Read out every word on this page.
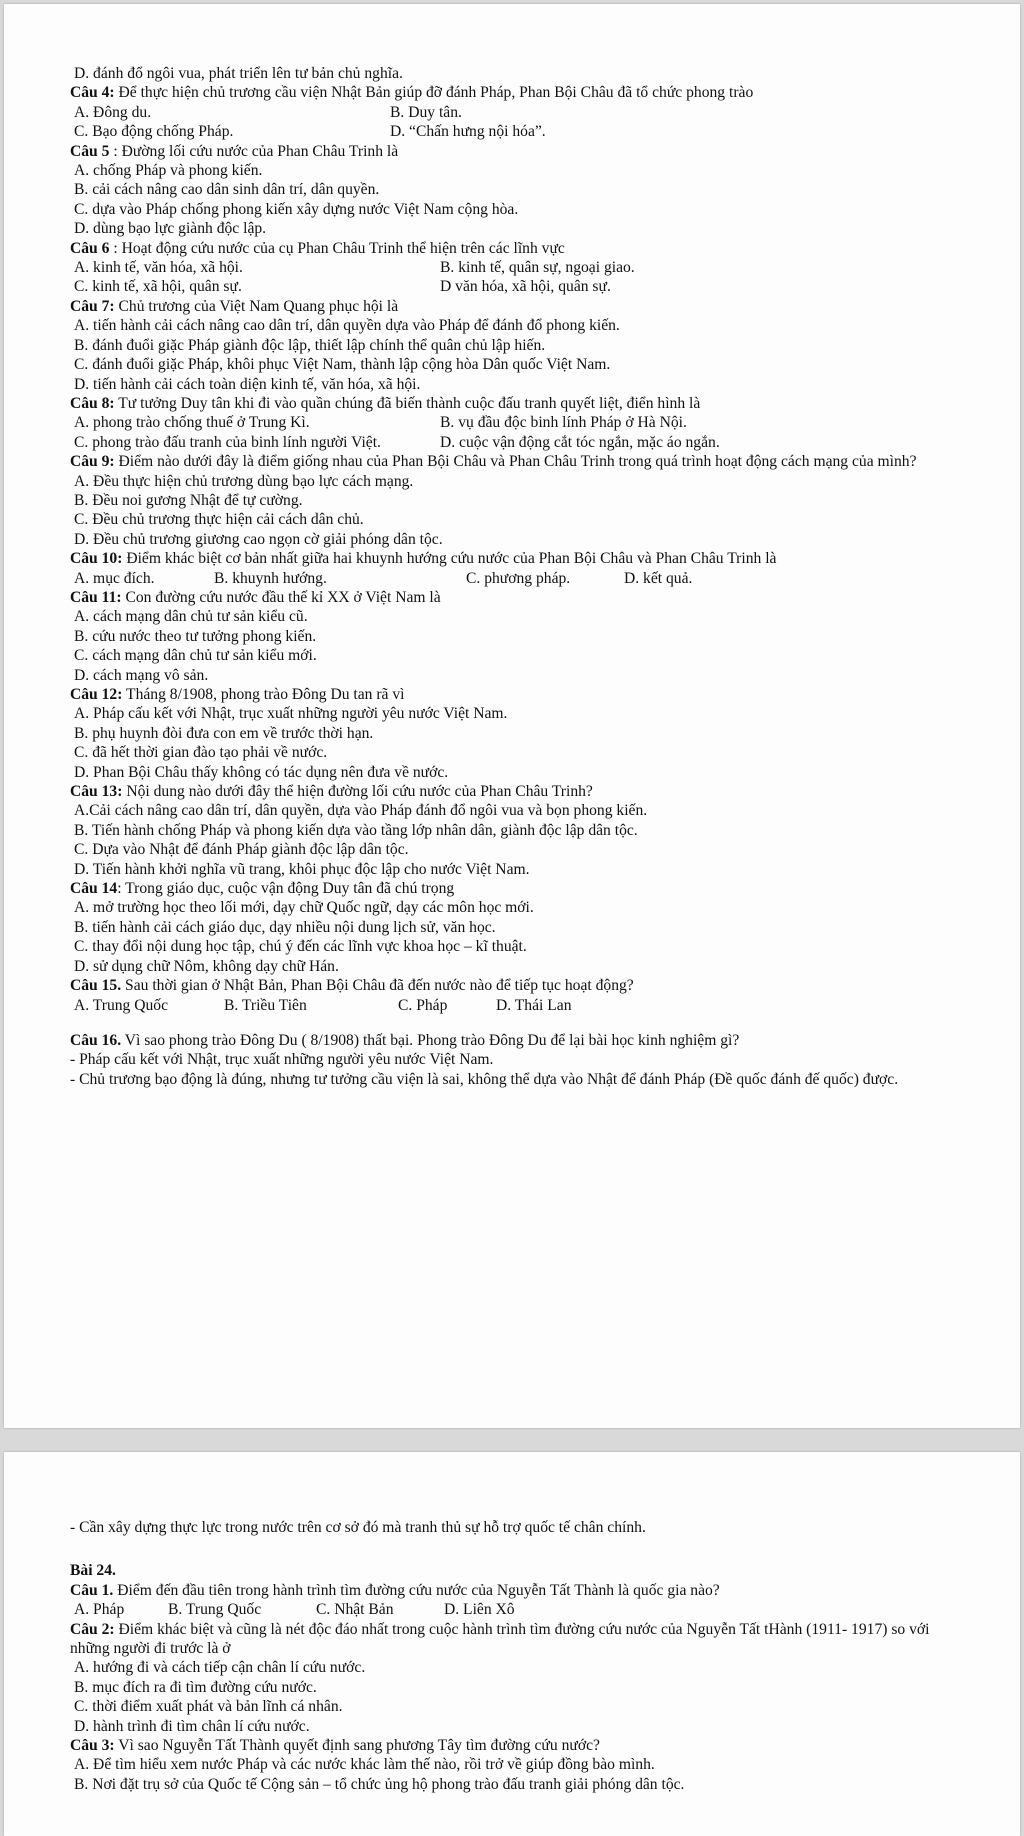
D. đánh đổ ngôi vua, phát triển lên tư bản chủ nghĩa.
Câu 4: Để thực hiện chủ trương cầu viện Nhật Bản giúp đỡ đánh Pháp, Phan Bội Châu đã tổ chức phong trào
A. Đông du.	B. Duy tân.
C. Bạo động chống Pháp.	D. “Chấn hưng nội hóa”.
Câu 5 : Đường lối cứu nước của Phan Châu Trinh là
A. chống Pháp và phong kiến.
B. cải cách nâng cao dân sinh dân trí, dân quyền.
C. dựa vào Pháp chống phong kiến xây dựng nước Việt Nam cộng hòa.
D. dùng bạo lực giành độc lập.
Câu 6 : Hoạt động cứu nước của cụ Phan Châu Trinh thể hiện trên các lĩnh vực
A. kinh tế, văn hóa, xã hội.	B. kinh tế, quân sự, ngoại giao.
C. kinh tế, xã hội, quân sự.	D văn hóa, xã hội, quân sự.
Câu 7: Chủ trương của Việt Nam Quang phục hội là
A. tiến hành cải cách nâng cao dân trí, dân quyền dựa vào Pháp để đánh đổ phong kiến.
B. đánh đuổi giặc Pháp giành độc lập, thiết lập chính thể quân chủ lập hiến.
C. đánh đuổi giặc Pháp, khôi phục Việt Nam, thành lập cộng hòa Dân quốc Việt Nam.
D. tiến hành cải cách toàn diện kinh tế, văn hóa, xã hội.
Câu 8: Tư tưởng Duy tân khi đi vào quần chúng đã biến thành cuộc đấu tranh quyết liệt, điển hình là
A. phong trào chống thuế ở Trung Kì.	B. vụ đầu độc binh lính Pháp ở Hà Nội.
C. phong trào đấu tranh của binh lính người Việt.	D. cuộc vận động cắt tóc ngắn, mặc áo ngắn.
Câu 9: Điểm nào dưới đây là điểm giống nhau của Phan Bội Châu và Phan Châu Trinh trong quá trình hoạt động cách mạng của mình?
A. Đều thực hiện chủ trương dùng bạo lực cách mạng.
B. Đều noi gương Nhật để tự cường.
C. Đều chủ trương thực hiện cải cách dân chủ.
D. Đều chủ trương giương cao ngọn cờ giải phóng dân tộc.
Câu 10: Điểm khác biệt cơ bản nhất giữa hai khuynh hướng cứu nước của Phan Bội Châu và Phan Châu Trinh là
A. mục đích.	B. khuynh hướng.	C. phương pháp.	D. kết quả.
Câu 11: Con đường cứu nước đầu thế kỉ XX ở Việt Nam là
A. cách mạng dân chủ tư sản kiểu cũ.
B. cứu nước theo tư tưởng phong kiến.
C. cách mạng dân chủ tư sản kiểu mới.
D. cách mạng vô sản.
Câu 12: Tháng 8/1908, phong trào Đông Du tan rã vì
A. Pháp cấu kết với Nhật, trục xuất những người yêu nước Việt Nam.
B. phụ huynh đòi đưa con em về trước thời hạn.
C. đã hết thời gian đào tạo phải về nước.
D. Phan Bội Châu thấy không có tác dụng nên đưa về nước.
Câu 13: Nội dung nào dưới đây thể hiện đường lối cứu nước của Phan Châu Trinh?
A.Cải cách nâng cao dân trí, dân quyền, dựa vào Pháp đánh đổ ngôi vua và bọn phong kiến.
B. Tiến hành chống Pháp và phong kiến dựa vào tầng lớp nhân dân, giành độc lập dân tộc.
C. Dựa vào Nhật để đánh Pháp giành độc lập dân tộc.
D. Tiến hành khởi nghĩa vũ trang, khôi phục độc lập cho nước Việt Nam.
Câu 14: Trong giáo dục, cuộc vận động Duy tân đã chú trọng
A. mở trường học theo lối mới, dạy chữ Quốc ngữ, dạy các môn học mới.
B. tiến hành cải cách giáo dục, dạy nhiều nội dung lịch sử, văn học.
C. thay đổi nội dung học tập, chú ý đến các lĩnh vực khoa học – kĩ thuật.
D. sử dụng chữ Nôm, không dạy chữ Hán.
Câu 15. Sau thời gian ở Nhật Bản, Phan Bội Châu đã đến nước nào để tiếp tục hoạt động?
A. Trung Quốc	B. Triều Tiên	C. Pháp	D. Thái Lan
Câu 16. Vì sao phong trào Đông Du ( 8/1908) thất bại. Phong trào Đông Du để lại bài học kinh nghiệm gì?
- Pháp cấu kết với Nhật, trục xuất những người yêu nước Việt Nam.
- Chủ trương bạo động là đúng, nhưng tư tưởng cầu viện là sai, không thể dựa vào Nhật để đánh Pháp (Đề quốc đánh đế quốc) được.
- Cần xây dựng thực lực trong nước trên cơ sở đó mà tranh thủ sự hỗ trợ quốc tế chân chính.
Bài 24.
Câu 1. Điểm đến đầu tiên trong hành trình tìm đường cứu nước của Nguyễn Tất Thành là quốc gia nào?
A. Pháp	B. Trung Quốc	C. Nhật Bản	D. Liên Xô
Câu 2: Điểm khác biệt và cũng là nét độc đáo nhất trong cuộc hành trình tìm đường cứu nước của Nguyễn Tất tHành (1911- 1917) so với những người đi trước là ở
A. hướng đi và cách tiếp cận chân lí cứu nước.
B. mục đích ra đi tìm đường cứu nước.
C. thời điểm xuất phát và bản lĩnh cá nhân.
D. hành trình đi tìm chân lí cứu nước.
Câu 3: Vì sao Nguyễn Tất Thành quyết định sang phương Tây tìm đường cứu nước?
A. Để tìm hiểu xem nước Pháp và các nước khác làm thế nào, rồi trở về giúp đồng bào mình.
B. Nơi đặt trụ sở của Quốc tế Cộng sản – tổ chức ủng hộ phong trào đấu tranh giải phóng dân tộc.
